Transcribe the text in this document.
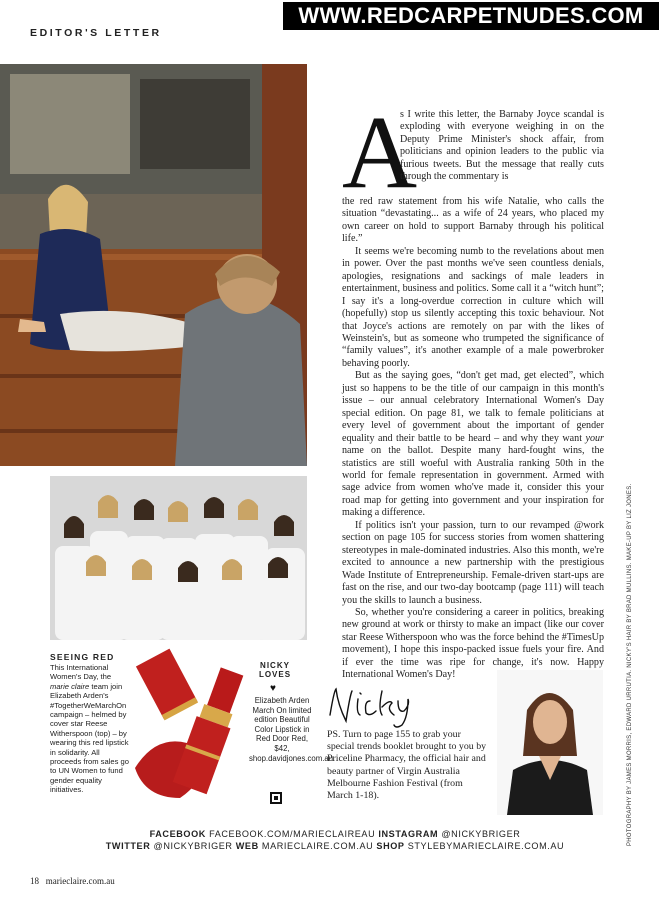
WWW.REDCARPETNUDES.COM
EDITOR'S LETTER
A
s I write this letter, the Barnaby Joyce scandal is exploding with everyone weighing in on the Deputy Prime Minister's shock affair, from politicians and opinion leaders to the public via furious tweets. But the message that really cuts through the commentary is

the red raw statement from his wife Natalie, who calls the situation “devastating... as a wife of 24 years, who placed my own career on hold to support Barnaby through his political life.”

It seems we're becoming numb to the revelations about men in power. Over the past months we've seen countless denials, apologies, resignations and sackings of male leaders in entertainment, business and politics. Some call it a “witch hunt”; I say it's a long-overdue correction in culture which will (hopefully) stop us silently accepting this toxic behaviour. Not that Joyce's actions are remotely on par with the likes of Weinstein's, but as someone who trumpeted the significance of “family values”, it's another example of a male powerbroker behaving poorly.

But as the saying goes, “don't get mad, get elected”, which just so happens to be the title of our campaign in this month's issue – our annual celebratory International Women's Day special edition. On page 81, we talk to female politicians at every level of government about the important of gender equality and their battle to be heard – and why they want your name on the ballot. Despite many hard-fought wins, the statistics are still woeful with Australia ranking 50th in the world for female representation in government. Armed with sage advice from women who've made it, consider this your road map for getting into government and your inspiration for making a difference.

If politics isn't your passion, turn to our revamped @work section on page 105 for success stories from women shattering stereotypes in male-dominated industries. Also this month, we're excited to announce a new partnership with the prestigious Wade Institute of Entrepreneurship. Female-driven start-ups are fast on the rise, and our two-day bootcamp (page 111) will teach you the skills to launch a business.

So, whether you're considering a career in politics, breaking new ground at work or thirsty to make an impact (like our cover star Reese Witherspoon who was the force behind the #TimesUp movement), I hope this inspo-packed issue fuels your fire. And if ever the time was ripe for change, it's now. Happy International Women's Day!

SEEING RED
This International Women's Day, the marie claire team join Elizabeth Arden's #TogetherWeMarchOn campaign – helmed by cover star Reese Witherspoon (top) – by wearing this red lipstick in solidarity. All proceeds from sales go to UN Women to fund gender equality initiatives.
NICKY LOVES
♥
Elizabeth Arden March On limited edition Beautiful Color Lipstick in Red Door Red, $42, shop.davidjones.com.au
PS. Turn to page 155 to grab your special trends booklet brought to you by Priceline Pharmacy, the official hair and beauty partner of Virgin Australia Melbourne Fashion Festival (from March 1-18).
FACEBOOK FACEBOOK.COM/MARIECLAIREAU INSTAGRAM @NICKYBRIGER
TWITTER @NICKYBRIGER WEB MARIECLAIRE.COM.AU SHOP STYLEBYMARIECLAIRE.COM.AU
18 marieclaire.com.au
PHOTOGRAPHY BY JAMES MORRIS, EDWARD URRUTIA. NICKY'S HAIR BY BRAD MULLINS. MAKE-UP BY LIZ JONES.
